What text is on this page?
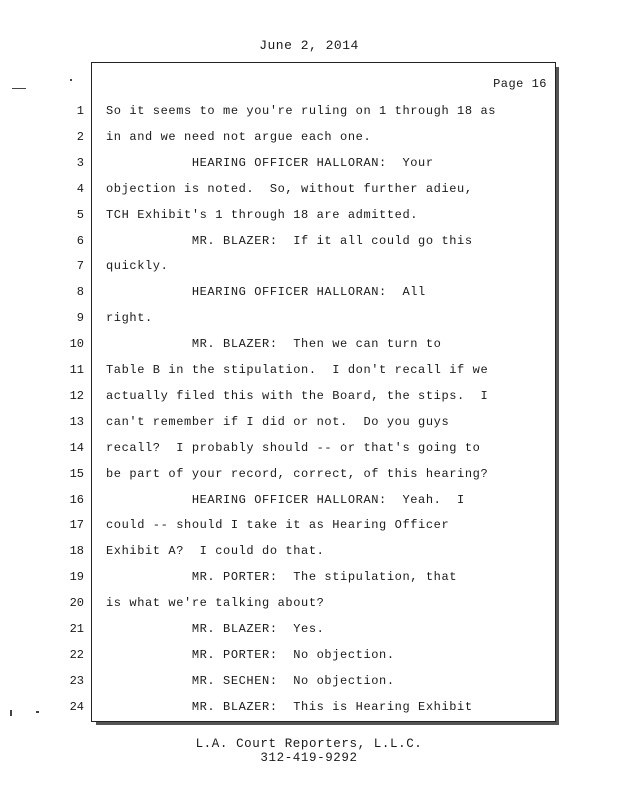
June 2, 2014
Page 16
1 So it seems to me you're ruling on 1 through 18 as
2 in and we need not argue each one.
3 HEARING OFFICER HALLORAN:  Your
4 objection is noted.  So, without further adieu,
5 TCH Exhibit's 1 through 18 are admitted.
6 MR. BLAZER:  If it all could go this
7 quickly.
8 HEARING OFFICER HALLORAN:  All
9 right.
10 MR. BLAZER:  Then we can turn to
11 Table B in the stipulation.  I don't recall if we
12 actually filed this with the Board, the stips.  I
13 can't remember if I did or not.  Do you guys
14 recall?  I probably should -- or that's going to
15 be part of your record, correct, of this hearing?
16 HEARING OFFICER HALLORAN:  Yeah.  I
17 could -- should I take it as Hearing Officer
18 Exhibit A?  I could do that.
19 MR. PORTER:  The stipulation, that
20 is what we're talking about?
21 MR. BLAZER:  Yes.
22 MR. PORTER:  No objection.
23 MR. SECHEN:  No objection.
24 MR. BLAZER:  This is Hearing Exhibit
L.A. Court Reporters, L.L.C.
312-419-9292
